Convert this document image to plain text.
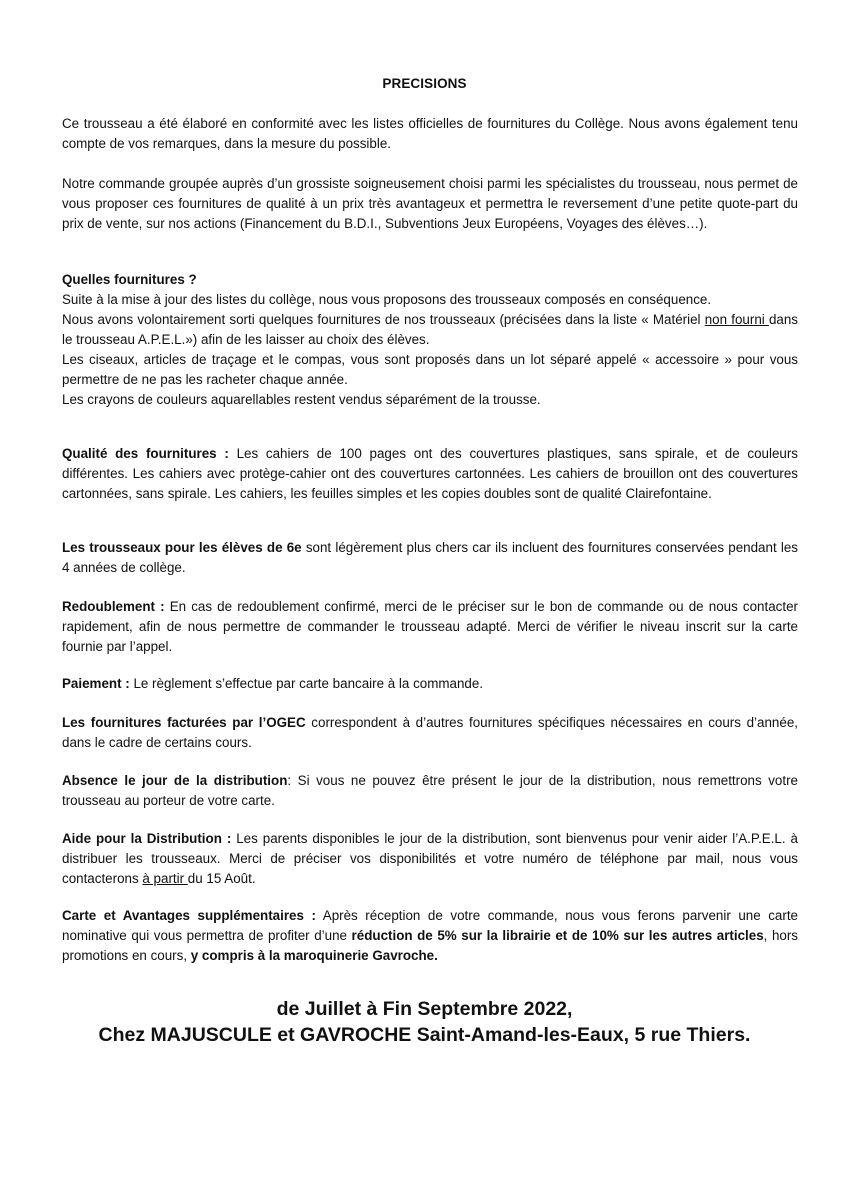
PRECISIONS

Ce trousseau a été élaboré en conformité avec les listes officielles de fournitures du Collège. Nous avons également tenu compte de vos remarques, dans la mesure du possible.

Notre commande groupée auprès d’un grossiste soigneusement choisi parmi les spécialistes du trousseau, nous permet de vous proposer ces fournitures de qualité à un prix très avantageux et permettra le reversement d’une petite quote-part du prix de vente, sur nos actions (Financement du B.D.I., Subventions Jeux Européens, Voyages des élèves…).

Quelles fournitures ?

Suite à la mise à jour des listes du collège, nous vous proposons des trousseaux composés en conséquence.

Nous avons volontairement sorti quelques fournitures de nos trousseaux (précisées dans la liste « Matériel non fourni dans le trousseau A.P.E.L.») afin de les laisser au choix des élèves.

Les ciseaux, articles de traçage et le compas, vous sont proposés dans un lot séparé appelé « accessoire » pour vous permettre de ne pas les racheter chaque année.

Les crayons de couleurs aquarellables restent vendus séparément de la trousse.

Qualité des fournitures : Les cahiers de 100 pages ont des couvertures plastiques, sans spirale, et de couleurs différentes. Les cahiers avec protège-cahier ont des couvertures cartonnées. Les cahiers de brouillon ont des couvertures cartonnées, sans spirale. Les cahiers, les feuilles simples et les copies doubles sont de qualité Clairefontaine.

Les trousseaux pour les élèves de 6e sont légèrement plus chers car ils incluent des fournitures conservées pendant les 4 années de collège.

Redoublement : En cas de redoublement confirmé, merci de le préciser sur le bon de commande ou de nous contacter rapidement, afin de nous permettre de commander le trousseau adapté. Merci de vérifier le niveau inscrit sur la carte fournie par l’appel.

Paiement : Le règlement s’effectue par carte bancaire à la commande.

Les fournitures facturées par l’OGEC correspondent à d’autres fournitures spécifiques nécessaires en cours d’année, dans le cadre de certains cours.

Absence le jour de la distribution: Si vous ne pouvez être présent le jour de la distribution, nous remettrons votre trousseau au porteur de votre carte.

Aide pour la Distribution : Les parents disponibles le jour de la distribution, sont bienvenus pour venir aider l’A.P.E.L. à distribuer les trousseaux. Merci de préciser vos disponibilités et votre numéro de téléphone par mail, nous vous contacterons à partir du 15 Août.

Carte et Avantages supplémentaires : Après réception de votre commande, nous vous ferons parvenir une carte nominative qui vous permettra de profiter d’une réduction de 5% sur la librairie et de 10% sur les autres articles, hors promotions en cours, y compris à la maroquinerie Gavroche.

de Juillet à Fin Septembre 2022,
Chez MAJUSCULE et GAVROCHE Saint-Amand-les-Eaux, 5 rue Thiers.
